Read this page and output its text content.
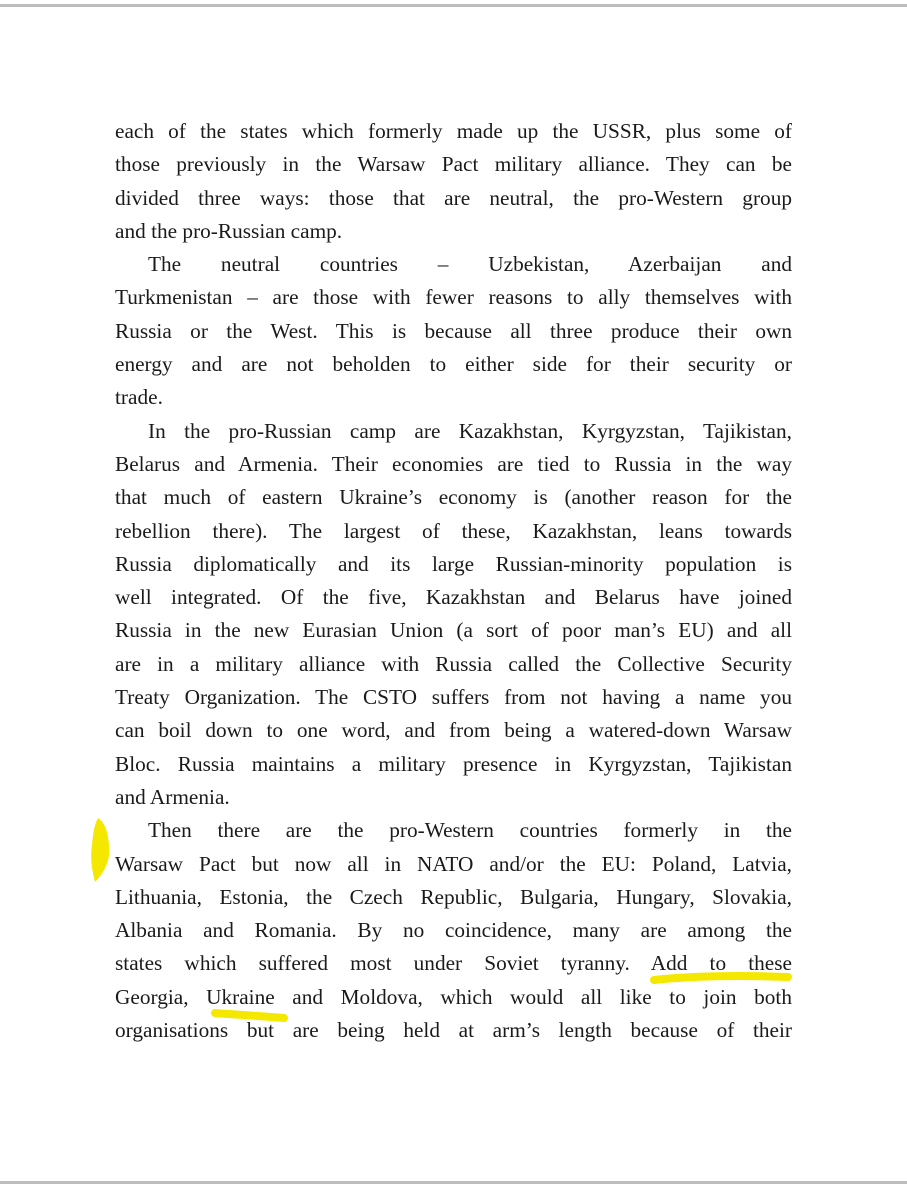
each of the states which formerly made up the USSR, plus some of
those previously in the Warsaw Pact military alliance. They can be
divided three ways: those that are neutral, the pro-Western group
and the pro-Russian camp.
The neutral countries – Uzbekistan, Azerbaijan and
Turkmenistan – are those with fewer reasons to ally themselves with
Russia or the West. This is because all three produce their own
energy and are not beholden to either side for their security or
trade.
In the pro-Russian camp are Kazakhstan, Kyrgyzstan, Tajikistan,
Belarus and Armenia. Their economies are tied to Russia in the way
that much of eastern Ukraine’s economy is (another reason for the
rebellion there). The largest of these, Kazakhstan, leans towards
Russia diplomatically and its large Russian-minority population is
well integrated. Of the five, Kazakhstan and Belarus have joined
Russia in the new Eurasian Union (a sort of poor man’s EU) and all
are in a military alliance with Russia called the Collective Security
Treaty Organization. The CSTO suffers from not having a name you
can boil down to one word, and from being a watered-down Warsaw
Bloc. Russia maintains a military presence in Kyrgyzstan, Tajikistan
and Armenia.
Then there are the pro-Western countries formerly in the
Warsaw Pact but now all in NATO and/or the EU: Poland, Latvia,
Lithuania, Estonia, the Czech Republic, Bulgaria, Hungary, Slovakia,
Albania and Romania. By no coincidence, many are among the
states which suffered most under Soviet tyranny. Add to these
Georgia, Ukraine and Moldova, which would all like to join both
organisations but are being held at arm’s length because of their
